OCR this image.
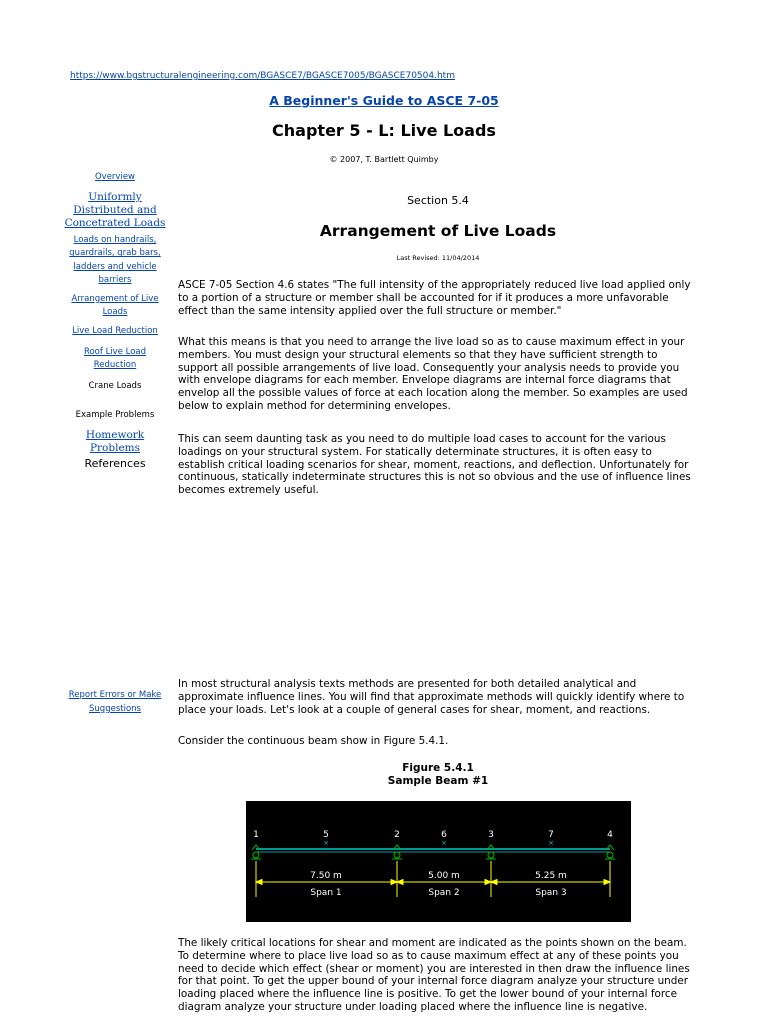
https://www.bgstructuralengineering.com/BGASCE7/BGASCE7005/BGASCE70504.htm
A Beginner's Guide to ASCE 7-05
Chapter 5 - L: Live Loads
© 2007, T. Bartlett Quimby
Overview
Uniformly Distributed and Concetrated Loads
Loads on handrails, guardrails, grab bars, ladders and vehicle barriers
Arrangement of Live Loads
Live Load Reduction
Roof Live Load Reduction
Crane Loads
Example Problems
Homework Problems
References
Report Errors or Make Suggestions
Section 5.4
Arrangement of Live Loads
Last Revised: 11/04/2014

ASCE 7-05 Section 4.6 states "The full intensity of the appropriately reduced live load applied only to a portion of a structure or member shall be accounted for if it produces a more unfavorable effect than the same intensity applied over the full structure or member."

What this means is that you need to arrange the live load so as to cause maximum effect in your members. You must design your structural elements so that they have sufficient strength to support all possible arrangements of live load. Consequently your analysis needs to provide you with envelope diagrams for each member. Envelope diagrams are internal force diagrams that envelop all the possible values of force at each location along the member. So examples are used below to explain method for determining envelopes.

This can seem daunting task as you need to do multiple load cases to account for the various loadings on your structural system. For statically determinate structures, it is often easy to establish critical loading scenarios for shear, moment, reactions, and deflection. Unfortunately for continuous, statically indeterminate structures this is not so obvious and the use of influence lines becomes extremely useful.

In most structural analysis texts methods are presented for both detailed analytical and approximate influence lines. You will find that approximate methods will quickly identify where to place your loads. Let's look at a couple of general cases for shear, moment, and reactions.

Consider the continuous beam show in Figure 5.4.1.

Figure 5.4.1
Sample Beam #1
1	5	2	6	3	7	4
×	×	×
7.50 m	5.00 m	5.25 m
Span 1	Span 2	Span 3

The likely critical locations for shear and moment are indicated as the points shown on the beam. To determine where to place live load so as to cause maximum effect at any of these points you need to decide which effect (shear or moment) you are interested in then draw the influence lines for that point. To get the upper bound of your internal force diagram analyze your structure under loading placed where the influence line is positive. To get the lower bound of your internal force diagram analyze your structure under loading placed where the influence line is negative.
